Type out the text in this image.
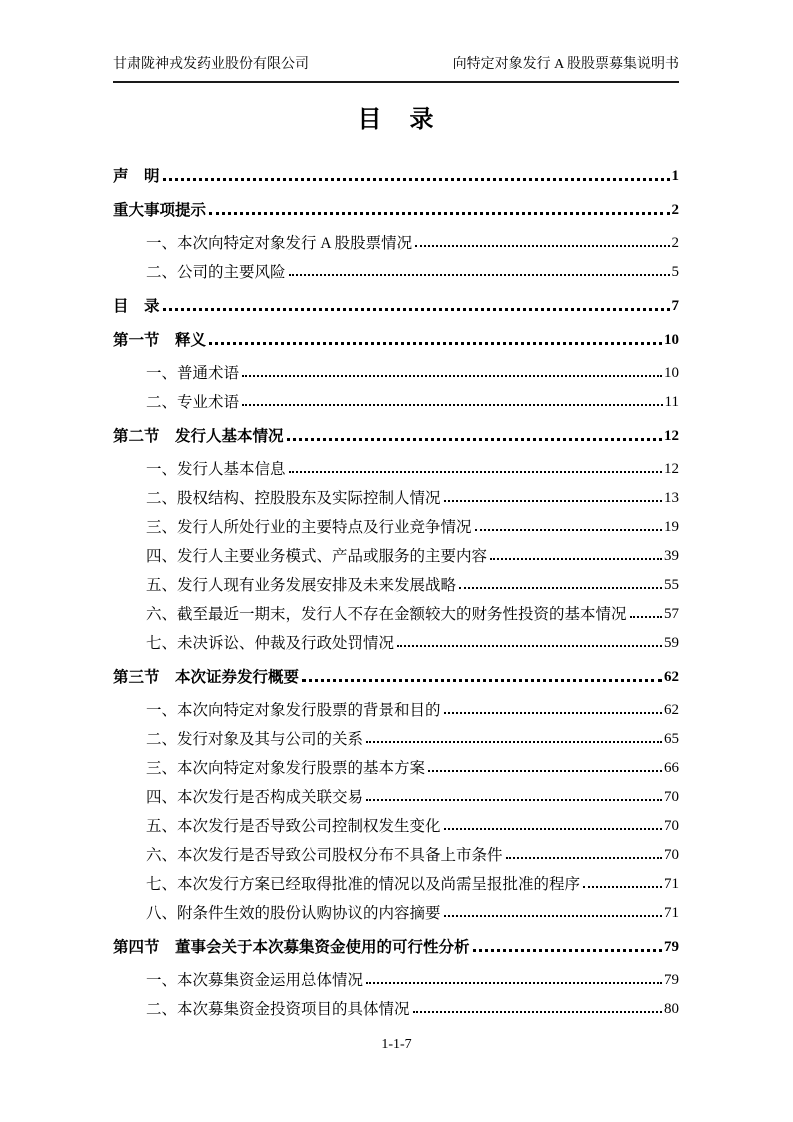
甘肃陇神戎发药业股份有限公司	向特定对象发行 A 股股票募集说明书
目　录
声　明	1
重大事项提示	2
一、本次向特定对象发行 A 股股票情况	2
二、公司的主要风险	5
目　录	7
第一节　释义	10
一、普通术语	10
二、专业术语	11
第二节　发行人基本情况	12
一、发行人基本信息	12
二、股权结构、控股股东及实际控制人情况	13
三、发行人所处行业的主要特点及行业竞争情况	19
四、发行人主要业务模式、产品或服务的主要内容	39
五、发行人现有业务发展安排及未来发展战略	55
六、截至最近一期末，发行人不存在金额较大的财务性投资的基本情况 57
七、未决诉讼、仲裁及行政处罚情况	59
第三节　本次证券发行概要	62
一、本次向特定对象发行股票的背景和目的	62
二、发行对象及其与公司的关系	65
三、本次向特定对象发行股票的基本方案	66
四、本次发行是否构成关联交易	70
五、本次发行是否导致公司控制权发生变化	70
六、本次发行是否导致公司股权分布不具备上市条件	70
七、本次发行方案已经取得批准的情况以及尚需呈报批准的程序	71
八、附条件生效的股份认购协议的内容摘要	71
第四节　董事会关于本次募集资金使用的可行性分析	79
一、本次募集资金运用总体情况	79
二、本次募集资金投资项目的具体情况	80
1-1-7
